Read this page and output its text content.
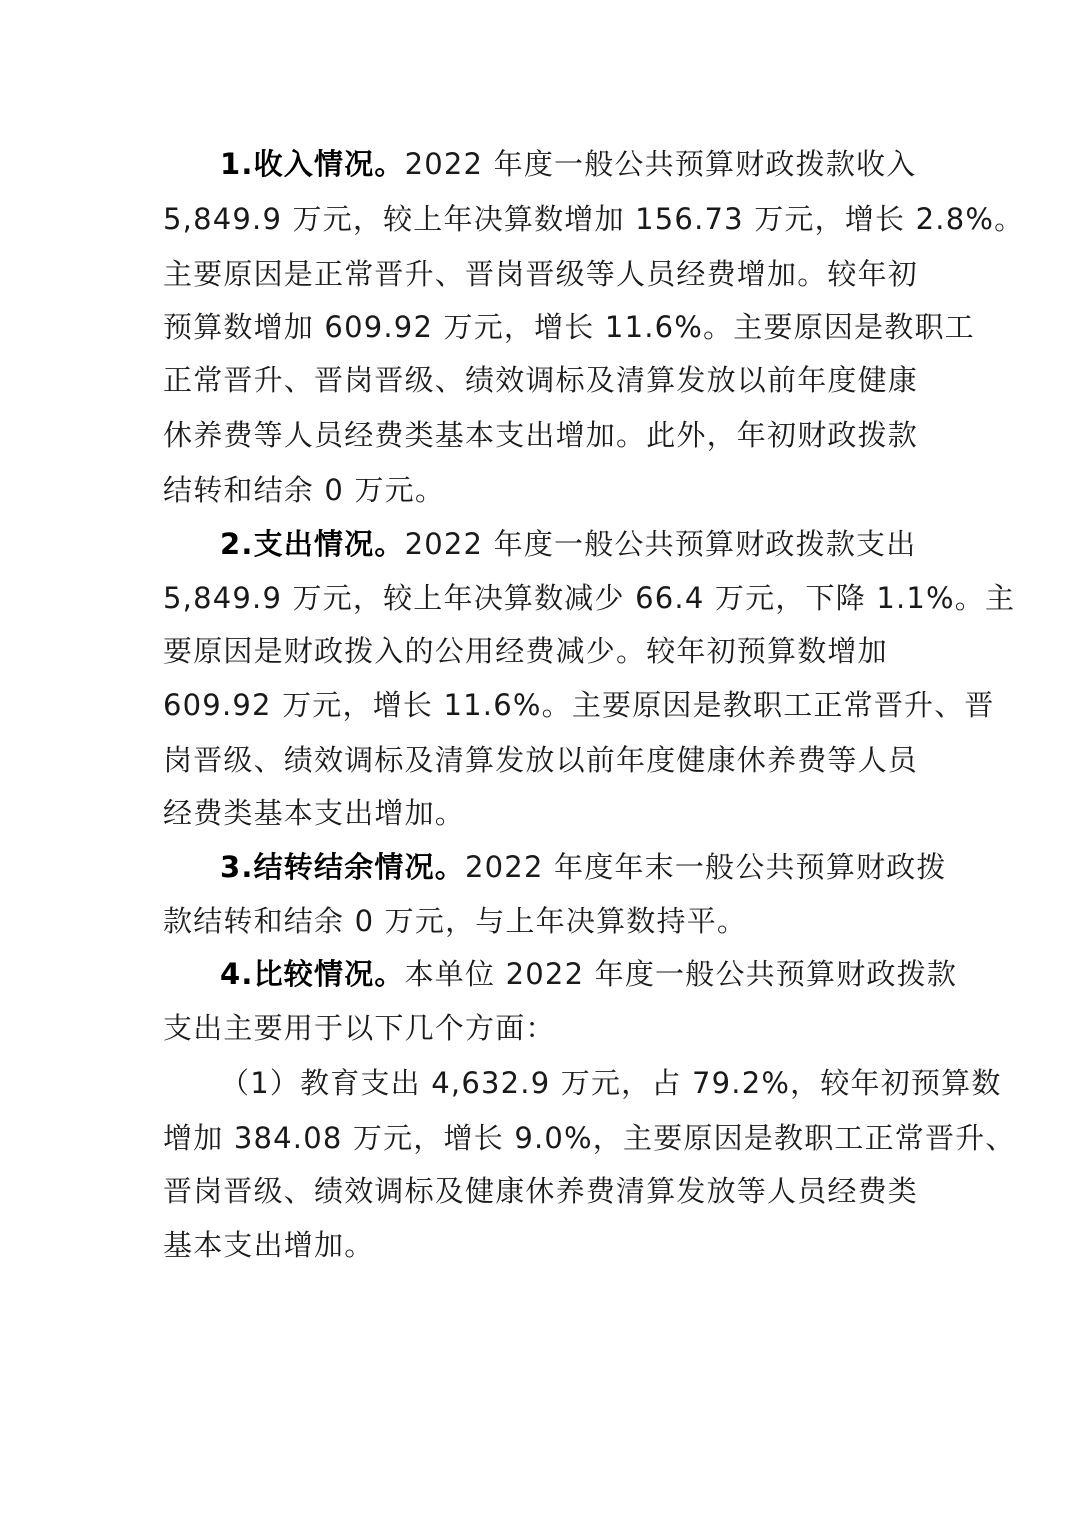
1.收入情况。2022 年度一般公共预算财政拨款收入
5,849.9 万元，较上年决算数增加 156.73 万元，增长 2.8%。
主要原因是正常晋升、晋岗晋级等人员经费增加。较年初
预算数增加 609.92 万元，增长 11.6%。主要原因是教职工
正常晋升、晋岗晋级、绩效调标及清算发放以前年度健康
休养费等人员经费类基本支出增加。此外，年初财政拨款
结转和结余 0 万元。
2.支出情况。2022 年度一般公共预算财政拨款支出
5,849.9 万元，较上年决算数减少 66.4 万元，下降 1.1%。主
要原因是财政拨入的公用经费减少。较年初预算数增加
609.92 万元，增长 11.6%。主要原因是教职工正常晋升、晋
岗晋级、绩效调标及清算发放以前年度健康休养费等人员
经费类基本支出增加。
3.结转结余情况。2022 年度年末一般公共预算财政拨
款结转和结余 0 万元，与上年决算数持平。
4.比较情况。本单位 2022 年度一般公共预算财政拨款
支出主要用于以下几个方面：
（1）教育支出 4,632.9 万元，占 79.2%，较年初预算数
增加 384.08 万元，增长 9.0%，主要原因是教职工正常晋升、
晋岗晋级、绩效调标及健康休养费清算发放等人员经费类
基本支出增加。
